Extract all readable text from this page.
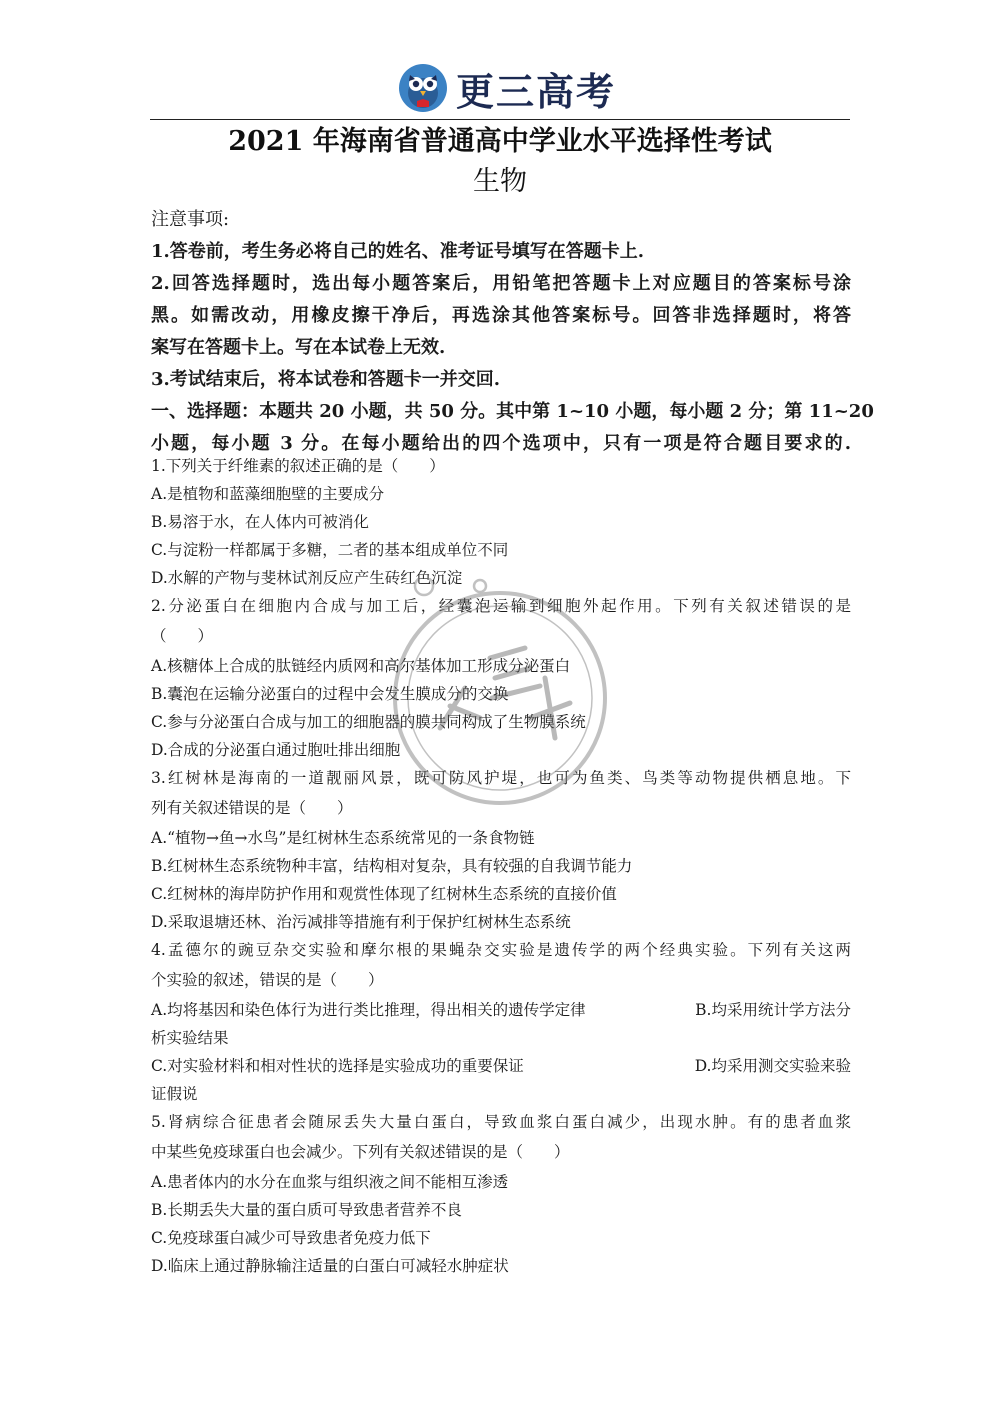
更三高考
2021 年海南省普通高中学业水平选择性考试
生物
注意事项:
1.答卷前，考生务必将自己的姓名、准考证号填写在答题卡上.
2.回答选择题时，选出每小题答案后，用铅笔把答题卡上对应题目的答案标号涂
黑。如需改动，用橡皮擦干净后，再选涂其他答案标号。回答非选择题时，将答
案写在答题卡上。写在本试卷上无效.
3.考试结束后，将本试卷和答题卡一并交回.
一、选择题：本题共 20 小题，共 50 分。其中第 1~10 小题，每小题 2 分；第 11~20
小题，每小题 3 分。在每小题给出的四个选项中，只有一项是符合题目要求的.
1.下列关于纤维素的叙述正确的是（　　）
A.是植物和蓝藻细胞壁的主要成分
B.易溶于水，在人体内可被消化
C.与淀粉一样都属于多糖，二者的基本组成单位不同
D.水解的产物与斐林试剂反应产生砖红色沉淀
2.分泌蛋白在细胞内合成与加工后，经囊泡运输到细胞外起作用。下列有关叙述错误的是
（　　）
A.核糖体上合成的肽链经内质网和高尔基体加工形成分泌蛋白
B.囊泡在运输分泌蛋白的过程中会发生膜成分的交换
C.参与分泌蛋白合成与加工的细胞器的膜共同构成了生物膜系统
D.合成的分泌蛋白通过胞吐排出细胞
3.红树林是海南的一道靓丽风景，既可防风护堤，也可为鱼类、鸟类等动物提供栖息地。下
列有关叙述错误的是（　　）
A.“植物→鱼→水鸟”是红树林生态系统常见的一条食物链
B.红树林生态系统物种丰富，结构相对复杂，具有较强的自我调节能力
C.红树林的海岸防护作用和观赏性体现了红树林生态系统的直接价值
D.采取退塘还林、治污减排等措施有利于保护红树林生态系统
4.孟德尔的豌豆杂交实验和摩尔根的果蝇杂交实验是遗传学的两个经典实验。下列有关这两
个实验的叙述，错误的是（　　）
A.均将基因和染色体行为进行类比推理，得出相关的遗传学定律	B.均采用统计学方法分
析实验结果
C.对实验材料和相对性状的选择是实验成功的重要保证	D.均采用测交实验来验
证假说
5.肾病综合征患者会随尿丢失大量白蛋白，导致血浆白蛋白减少，出现水肿。有的患者血浆
中某些免疫球蛋白也会减少。下列有关叙述错误的是（　　）
A.患者体内的水分在血浆与组织液之间不能相互渗透
B.长期丢失大量的蛋白质可导致患者营养不良
C.免疫球蛋白减少可导致患者免疫力低下
D.临床上通过静脉输注适量的白蛋白可减轻水肿症状
